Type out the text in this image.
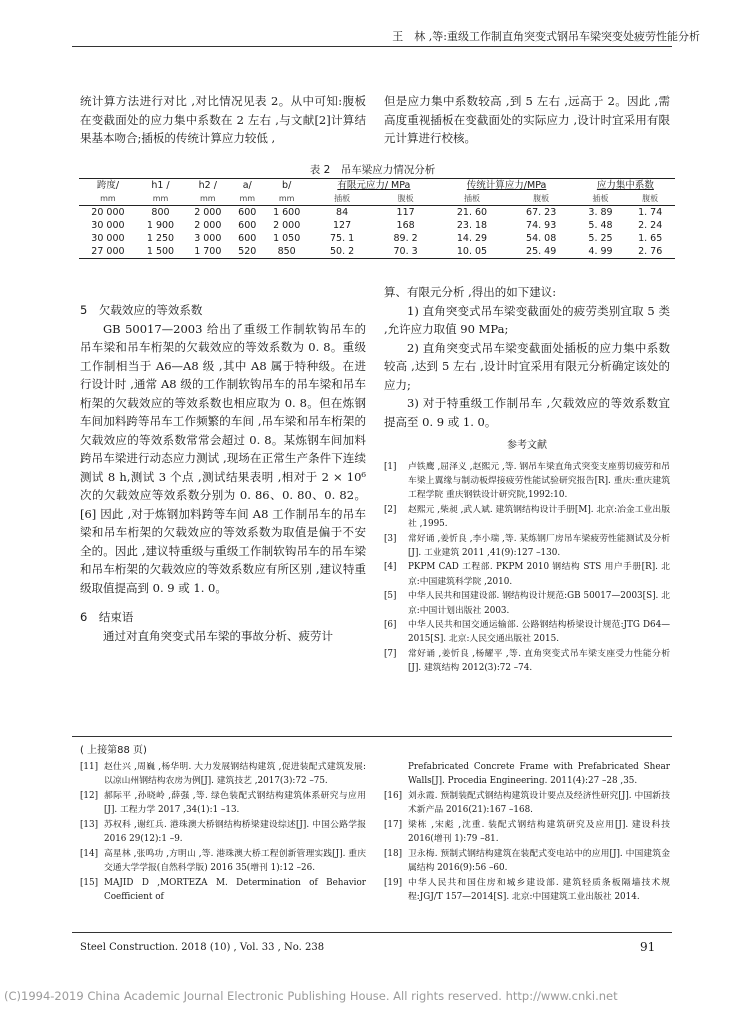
王　林 ,等:重级工作制直角突变式钢吊车梁突变处疲劳性能分析

统计算方法进行对比 ,对比情况见表 2。从中可知:腹板在变截面处的应力集中系数在 2 左右 ,与文献[2]计算结果基本吻合;插板的传统计算应力较低 ,

但是应力集中系数较高 ,到 5 左右 ,远高于 2。因此 ,需高度重视插板在变截面处的实际应力 ,设计时宜采用有限元计算进行校核。

表 2　吊车梁应力情况分析
跨度/	h1 /	h2 /	a/	b/	有限元应力/ MPa		传统计算应力/MPa		应力集中系数	
mm	mm	mm	mm	mm	插板	腹板	插板	腹板	插板	腹板
20 000	800	2 000	600	1 600	84	117	21. 60	67. 23	3. 89	1. 74
30 000	1 900	2 000	600	2 000	127	168	23. 18	74. 93	5. 48	2. 24
30 000	1 250	3 000	600	1 050	75. 1	89. 2	14. 29	54. 08	5. 25	1. 65
27 000	1 500	1 700	520	850	50. 2	70. 3	10. 05	25. 49	4. 99	2. 76

5　欠载效应的等效系数

GB 50017—2003 给出了重级工作制软钩吊车的吊车梁和吊车桁架的欠载效应的等效系数为 0. 8。重级工作制相当于 A6—A8 级 ,其中 A8 属于特种级。在进行设计时 ,通常 A8 级的工作制软钩吊车的吊车梁和吊车桁架的欠载效应的等效系数也相应取为 0. 8。但在炼钢车间加料跨等吊车工作频繁的车间 ,吊车梁和吊车桁架的欠载效应的等效系数常常会超过 0. 8。某炼钢车间加料跨吊车梁进行动态应力测试 ,现场在正常生产条件下连续测试 8 h,测试 3 个点 ,测试结果表明 ,相对于 2 × 10⁶ 次的欠载效应等效系数分别为 0. 86、0. 80、0. 82。[6] 因此 ,对于炼钢加料跨等车间 A8 工作制吊车的吊车梁和吊车桁架的欠载效应的等效系数为取值是偏于不安全的。因此 ,建议特重级与重级工作制软钩吊车的吊车梁和吊车桁架的欠载效应的等效系数应有所区别 ,建议特重级取值提高到 0. 9 或 1. 0。

6　结束语

通过对直角突变式吊车梁的事故分析、疲劳计

算、有限元分析 ,得出的如下建议:

1) 直角突变式吊车梁变截面处的疲劳类别宜取 5 类 ,允许应力取值 90 MPa;

2) 直角突变式吊车梁变截面处插板的应力集中系数较高 ,达到 5 左右 ,设计时宜采用有限元分析确定该处的应力;

3) 对于特重级工作制吊车 ,欠载效应的等效系数宜提高至 0. 9 或 1. 0。

参考文献
[1]	卢铁鹰 ,屈泽义 ,赵熙元 ,等. 钢吊车梁直角式突变支座剪切疲劳和吊车梁上翼缘与制动板焊接疲劳性能试验研究报告[R]. 重庆:重庆建筑工程学院 重庆钢铁设计研究院,1992:10.
[2]	赵熙元 ,柴昶 ,武人斌. 建筑钢结构设计手册[M]. 北京:冶金工业出版社 ,1995.
[3]	常好诵 ,姜忻良 ,李小瑞 ,等. 某炼钢厂房吊车梁疲劳性能测试及分析[J]. 工业建筑 2011 ,41(9):127 –130.
[4]	PKPM CAD 工程部. PKPM 2010 钢结构 STS 用户手册[R]. 北京:中国建筑科学院 ,2010.
[5]	中华人民共和国建设部. 钢结构设计规范:GB 50017—2003[S]. 北京:中国计划出版社 2003.
[6]	中华人民共和国交通运输部. 公路钢结构桥梁设计规范:JTG D64—2015[S]. 北京:人民交通出版社 2015.
[7]	常好诵 ,姜忻良 ,杨耀平 ,等. 直角突变式吊车梁支座受力性能分析[J]. 建筑结构 2012(3):72 –74.
( 上接第88 页)
[11] 赵仕兴 ,周巍 ,杨华明. 大力发展钢结构建筑 ,促进装配式建筑发展:以凉山州钢结构农房为例[J]. 建筑技艺 ,2017(3):72 –75.
[12] 郝际平 ,孙晓岭 ,薛强 ,等. 绿色装配式钢结构建筑体系研究与应用[J]. 工程力学 2017 ,34(1):1 –13.
[13] 苏权科 ,谢红兵. 港珠澳大桥钢结构桥梁建设综述[J]. 中国公路学报 2016 29(12):1 –9.
[14] 高星林 ,张鸣功 ,方明山 ,等. 港珠澳大桥工程创新管理实践[J]. 重庆交通大学学报(自然科学版) 2016 35(增刊 1):12 –26.
[15] MAJID D ,MORTEZA M. Determination of Behavior Coefficient of
Prefabricated Concrete Frame with Prefabricated Shear Walls[J]. Procedia Engineering. 2011(4):27 –28 ,35.
[16] 刘永霞. 预制装配式钢结构建筑设计要点及经济性研究[J]. 中国新技术新产品 2016(21):167 –168.
[17] 梁栋 ,宋彪 ,沈重. 装配式钢结构建筑研究及应用[J]. 建设科技 2016(增刊 1):79 –81.
[18] 卫永梅. 预制式钢结构建筑在装配式变电站中的应用[J]. 中国建筑金属结构 2016(9):56 –60.
[19] 中华人民共和国住房和城乡建设部. 建筑轻质条板隔墙技术规程:JGJ/T 157—2014[S]. 北京:中国建筑工业出版社 2014.
Steel Construction. 2018 (10) , Vol. 33 , No. 238	91
(C)1994-2019 China Academic Journal Electronic Publishing House. All rights reserved. http://www.cnki.net
